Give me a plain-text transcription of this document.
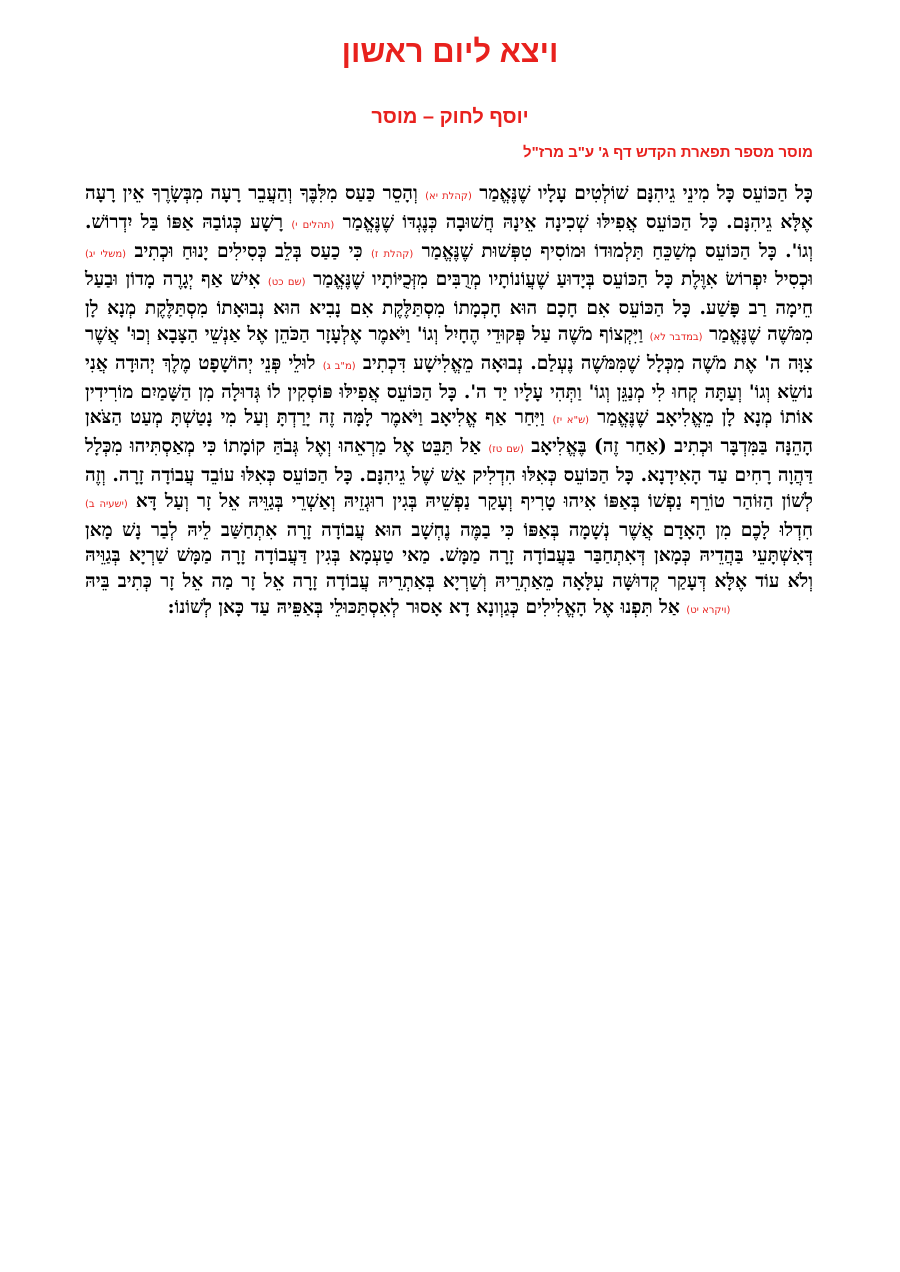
ויצא ליום ראשון
יוסף לחוק – מוסר
מוסר מספר תפארת הקדש דף ג' ע"ב מרז"ל
כָּל הַכּוֹעֵס כָּל מִינֵי גֵיהִנָּם שׁוֹלְטִים עָלָיו שֶׁנֶּאֱמַר (קהלת יא) וְהָסֵר כַּעַס מִלִּבֶּךָ וְהַעֲבֵר רָעָה מִבְּשָׂרֶךָ אֵין רָעָה אֶלָּא גֵיהִנָּם. כָּל הַכּוֹעֵס אֲפִילּוּ שְׁכִינָה אֵינָהּ חֲשׁוּבָה כְּנֶגְדּוֹ שֶׁנֶּאֱמַר (תהלים י) רָשָׁע כְּגוֹבַהּ אַפּוֹ בַּל יִדְרוֹשׁ. וְגוֹ'. כָּל הַכּוֹעֵס מְשַׁכֵּחַ תַּלְמוּדוֹ וּמוֹסִיף טִפְּשׁוּת שֶׁנֶּאֱמַר (קהלת ז) כִּי כַעַס בְּלֵב כְּסִילִים יָנוּחַ וּכְתִיב (משלי יג) וּכְסִיל יִפְרוֹשׂ אִוֶּלֶת כָּל הַכּוֹעֵס בְּיָדוּעַ שֶׁעֲוֹנוֹתָיו מְרֻבִּים מִזְּכֻיּוֹתָיו שֶׁנֶּאֱמַר (שם כט) אִישׁ אַף יְגָרֶה מָדוֹן וּבַעַל חֵימָה רַב פָּשַׁע. כָּל הַכּוֹעֵס אִם חָכָם הוּא חָכְמָתוֹ מִסְתַּלֶּקֶת אִם נָבִיא הוּא נְבוּאָתוֹ מִסְתַּלֶּקֶת מְנָא לָן מִמֹּשֶׁה שֶׁנֶּאֱמַר (במדבר לא) וַיִּקְצוֹף מֹשֶׁה עַל פְּקוּדֵי הֶחָיִל וְגוֹ' וַיֹּאמֶר אֶלְעָזָר הַכֹּהֵן אֶל אַנְשֵׁי הַצָּבָא וְכוּ' אֲשֶׁר צִוָּה ה' אֶת מֹשֶׁה מִכְּלָל שֶׁמִּמֹּשֶׁה נֶעְלַם. נְבוּאָה מֵאֱלִישָׁע דִּכְתִיב (מ"ב ג) לוּלֵי פְּנֵי יְהוֹשָׁפָט מֶלֶךְ יְהוּדָה אֲנִי נוֹשֵׂא וְגוֹ' וְעַתָּה קְחוּ לִי מְנַגֵּן וְגוֹ' וַתְּהִי עָלָיו יַד ה'. כָּל הַכּוֹעֵס אֲפִילּוּ פּוֹסְקִין לוֹ גְּדוּלָה מִן הַשָּׁמַיִם מוֹרִידִין אוֹתוֹ מְנָא לָן מֵאֱלִיאָב שֶׁנֶּאֱמַר (ש"א יז) וַיִּחַר אַף אֱלִיאָב וַיֹּאמֶר לָמָּה זֶה יָרַדְתָּ וְעַל מִי נָטַשְׁתָּ מְעַט הַצֹּאן הָהֵנָּה בַּמִּדְבָּר וּכְתִיב (אַחַר זֶה) בֶּאֱלִיאָב (שם טז) אַל תַּבֵּט אֶל מַרְאֵהוּ וְאֶל גְּבֹהַּ קוֹמָתוֹ כִּי מְאַסְתִּיהוּ מִכְּלָל דַּהֲוָה רָחִים עַד הָאִידָנָא. כָּל הַכּוֹעֵס כְּאִלּוּ הִדְלִיק אֵשׁ שֶׁל גֵיהִנָּם. כָּל הַכּוֹעֵס כְּאִלּוּ עוֹבֵד עֲבוֹדָה זָרָה. וְזֶה לְשׁוֹן הַזּוֹהַר טוֹרֵף נַפְשׁוֹ בְּאַפּוֹ אִיהוּ טָרִיף וְעָקַר נַפְשֵׁיהּ בְּגִין רוּגְזֵיהּ וְאַשְׁרֵי בְּגַוֵּיהּ אֵל זָר וְעַל דָּא (ישעיה ב) חִדְלוּ לָכֶם מִן הָאָדָם אֲשֶׁר נְשָׁמָה בְּאַפּוֹ כִּי בַמֶּה נֶחְשָׁב הוּא עֲבוֹדָה זָרָה אִתְחַשַּׁב לֵיהּ לְבַר נָשׁ מָאן דְּאִשְׁתָּעֵי בַּהֲדֵיהּ כְּמָאן דְּאִתְחַבַּר בַּעֲבוֹדָה זָרָה מַמָּשׁ. מַאי טַעְמָא בְּגִין דַּעֲבוֹדָה זָרָה מַמָּשׁ שַׁרְיָא בְּגַוֵּיהּ וְלֹא עוֹד אֶלָּא דְּעָקַר קְדוּשָּׁה עִלָּאָה מֵאַתְרֵיהּ וְשַׁרְיָא בְּאַתְרֵיהּ עֲבוֹדָה זָרָה אֵל זָר מַה אֵל זָר כְּתִיב בֵּיהּ (ויקרא יט) אַל תִּפְנוּ אֶל הָאֱלִילִים כְּגַוְונָא דָא אָסוּר לְאִסְתַּכּוּלֵי בְּאַפֵּיהּ עַד כָּאן לְשׁוֹנוֹ:
